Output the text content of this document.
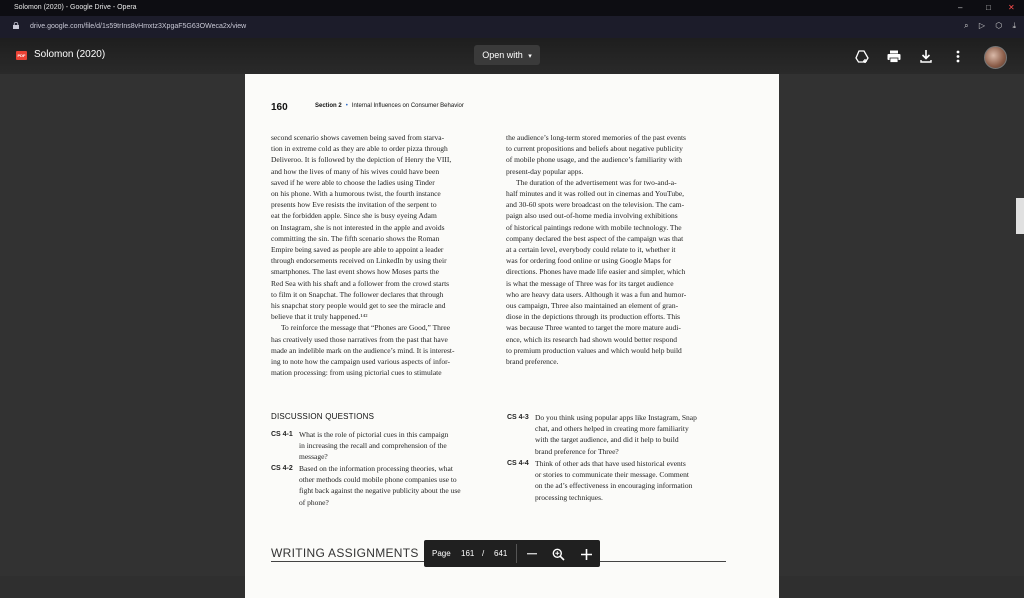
Solomon (2020) - Google Drive - Opera	–	□ ✕
drive.google.com/file/d/1s59trIns8vHmxtz3XpgaF5G63OWeca2x/view	⌕ ▷ ⬡ ⤓
160	Section 2 • Internal Influences on Consumer Behavior
second scenario shows cavemen being saved from starva-
tion in extreme cold as they are able to order pizza through
Deliveroo. It is followed by the depiction of Henry the VIII,
and how the lives of many of his wives could have been
saved if he were able to choose the ladies using Tinder
on his phone. With a humorous twist, the fourth instance
presents how Eve resists the invitation of the serpent to
eat the forbidden apple. Since she is busy eyeing Adam
on Instagram, she is not interested in the apple and avoids
committing the sin. The fifth scenario shows the Roman
Empire being saved as people are able to appoint a leader
through endorsements received on LinkedIn by using their
smartphones. The last event shows how Moses parts the
Red Sea with his shaft and a follower from the crowd starts
to film it on Snapchat. The follower declares that through
his snapchat story people would get to see the miracle and
believe that it truly happened.¹⁴²
To reinforce the message that “Phones are Good,” Three
has creatively used those narratives from the past that have
made an indelible mark on the audience’s mind. It is interest-
ing to note how the campaign used various aspects of infor-
mation processing: from using pictorial cues to stimulate
the audience’s long-term stored memories of the past events
to current propositions and beliefs about negative publicity
of mobile phone usage, and the audience’s familiarity with
present-day popular apps.
The duration of the advertisement was for two-and-a-
half minutes and it was rolled out in cinemas and YouTube,
and 30-60 spots were broadcast on the television. The cam-
paign also used out-of-home media involving exhibitions
of historical paintings redone with mobile technology. The
company declared the best aspect of the campaign was that
at a certain level, everybody could relate to it, whether it
was for ordering food online or using Google Maps for
directions. Phones have made life easier and simpler, which
is what the message of Three was for its target audience
who are heavy data users. Although it was a fun and humor-
ous campaign, Three also maintained an element of gran-
diose in the depictions through its production efforts. This
was because Three wanted to target the more mature audi-
ence, which its research had shown would better respond
to premium production values and which would help build
brand preference.
DISCUSSION QUESTIONS
CS 4-1 What is the role of pictorial cues in this campaign
in increasing the recall and comprehension of the
message?
CS 4-2 Based on the information processing theories, what
other methods could mobile phone companies use to
fight back against the negative publicity about the use
of phone?
CS 4-3 Do you think using popular apps like Instagram, Snap
chat, and others helped in creating more familiarity
with the target audience, and did it help to build
brand preference for Three?
CS 4-4 Think of other ads that have used historical events
or stories to communicate their message. Comment
on the ad’s effectiveness in encouraging information
processing techniques.
WRITING ASSIGNMENTS
PDF Solomon (2020)	Open with ▾
Page 161 / 641
